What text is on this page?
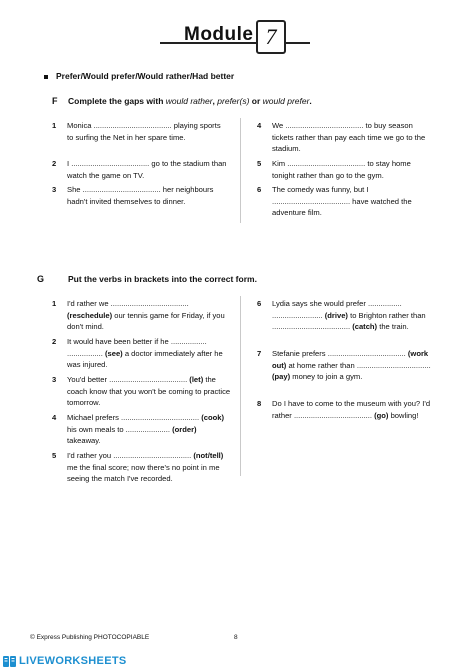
Module 7
Prefer/Would prefer/Would rather/Had better
F Complete the gaps with would rather, prefer(s) or would prefer.
1 Monica ..................................... playing sports to surfing the Net in her spare time.
2 I ..................................... go to the stadium than watch the game on TV.
3 She ..................................... her neighbours hadn't invited themselves to dinner.
4 We ..................................... to buy season tickets rather than pay each time we go to the stadium.
5 Kim ..................................... to stay home tonight rather than go to the gym.
6 The comedy was funny, but I ..................................... have watched the adventure film.
G	Put the verbs in brackets into the correct form.
1 I'd rather we ..................................... (reschedule) our tennis game for Friday, if you don't mind.
2 It would have been better if he ................. ................. (see) a doctor immediately after he was injured.
3 You'd better ..................................... (let) the coach know that you won't be coming to practice tomorrow.
4 Michael prefers ..................................... (cook) his own meals to ..................... (order) takeaway.
5 I'd rather you ..................................... (not/tell) me the final score; now there's no point in me seeing the match I've recorded.
6 Lydia says she would prefer ................ ........................ (drive) to Brighton rather than ..................................... (catch) the train.
7 Stefanie prefers ..................................... (work out) at home rather than ................................... (pay) money to join a gym.
8 Do I have to come to the museum with you? I'd rather ..................................... (go) bowling!
© Express Publishing PHOTOCOPIABLE	8
LIVEWORKSHEETS
